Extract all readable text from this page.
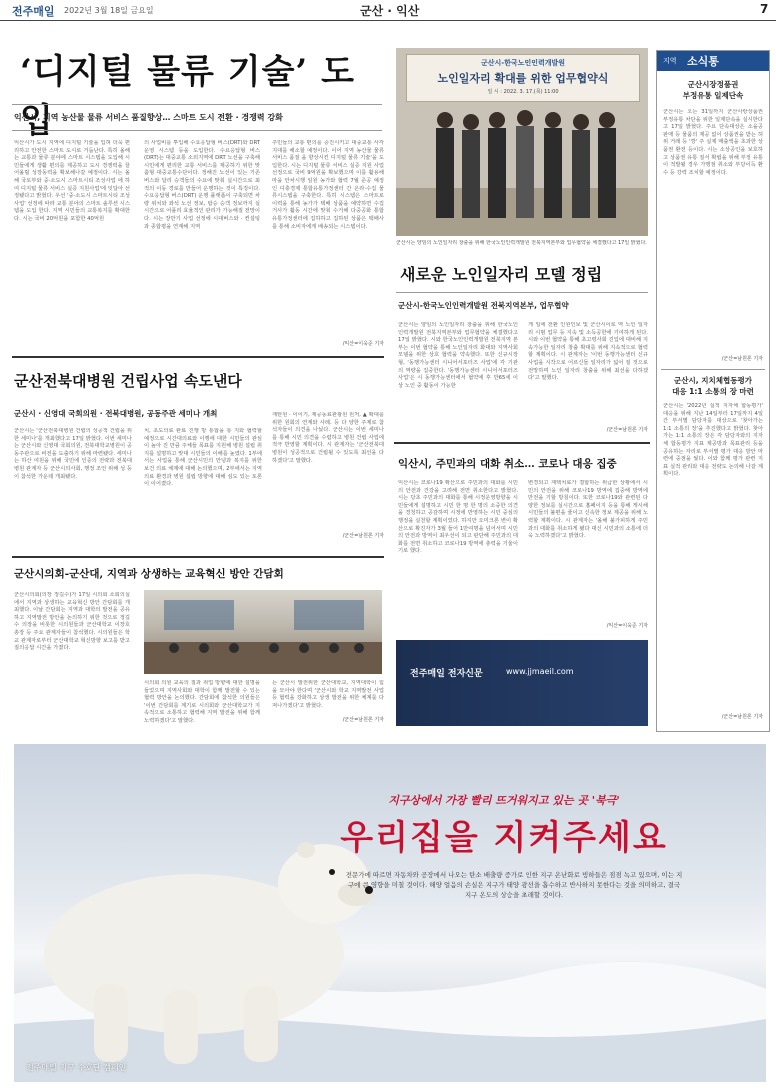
전주매일 2022년 3월 18일 금요일	군산 · 익산	7
‘디지털 물류 기술’ 도입
익산시, 지역 농산물 물류 서비스 품질향상… 스마트 도시 전환 · 경쟁력 강화
익산시가 도시 지역에 디지털 기술을 입혀 더욱 편리하고 안전한 스마트 도시로 거듭난다. 특히 올해는 교통과 물류 분야에 스마트 시스템을 도입해 시민들에게 생활 편의를 제공하고 도시 경쟁력을 끌어올릴 성장동력을 확보해나갈 예정이다. 시는 올해 국토부와 중·소도시 스마트시티 조성사업 에 하여 디지털 물류 서비스 실증 지원사업'에 잇달아 선정됐다고 밝혔다. 우선 '중·소도시 스마트시티 조성사업' 선정에 따라 교통 분야의 스마트 솔루션 시스템을 도입 한다. 지역 시민들의 교통복지를 확대한다. 시는 국비 20억원을 포함한 40억원
의 사업비를 투입해 수요응답형 버스(DRT)와 DRT 운영 시스템 등을 도입한다. 수요응답형 버스(DRT)는 대중교통 소외지역에 DRT 노선을 구축해 시민에게 편리한 교통 서비스를 제공하기 위한 맞춤형 대중교통수단이다. 정해진 노선이 있는 기존 버스와 달리 승객들의 수요에 맞춰 실시간으로 최적의 이동 경로를 만들어 운행하는 것이 특징이다. 수요응답형 버스(DRT) 운행 플랫폼이 구축되면 차량 위치와 좌석 노선 정보, 탑승 승객 정보까지 실시간으로 어플리 효율적인 관리가 가능해질 전망이다. 시는 장만기 사업 선정에 시대버스와 · 컨설팅과 종합평을 연계해 지역
주민들의 교통 편의를 증진시키고 대중교통 사각지대를 해소할 예정이다. 이어 지역 농산물 물류 서비스 품질 을 향상시킨 디지털 물류 기술'을 도입한다. 시는 디지털 물류 서비스 실증 지원 사업 선정으로 국비 9억원을 확보했으며 이를 활용해 마을 안차시행 임원 농가와 협력 7월 준공 예정인 디충경제 통합유통가정센터 간 온라·수집 물류시스템을 구축한다. 특히 시스템은 스마트로 이력을 통해 농가가 택배 상품을 예약하면 수집 거사가 활동 시간에 맞춰 수거해 다중공화 통합유통가정센터에 집하하고 집하된 상품은 택배사를 통해 소비자에게 배송되는 시스템이다.
/익산=이욱준 기자
군산전북대병원 건립사업 속도낸다
군산시 · 신영대 국회의원 · 전북대병원, 공동주관 세미나 개최
군산시는 '군산전북대병원 건립의 성공적 건립을 위한 세미나'를 개최했다고 17일 밝혔다. 이번 세미나는 군산시와 신영대 국회의원, 전북대학교병원이 공동주관으로 비전을 도출하기 위해 마련됐다. 세미나는 하산 여원을 위해 국민에 인증의 전략과 전북대병원 관계자 등 군산시의사회, 행정 조언 위해 성 등이 참석한 가운데 개최됐다.
치, 초도의료 완료 진행 방 통합을 통 지와 협력할 예정으로 시간대의료와 이행에 대한 시민들의 관심이 높아 진 만큼 주체들 목표를 지원해 병원 설립 취지를 설명하고 맞대 시민들의 이해를 높였다. 1부에서는 사업을 통해 군산시민의 안녕과 복지를 위한 보건 의료 체계에 대해 논의했으며, 2부에서는 지역 의료 환경과 병원 설립 방향에 대해 심도 있는 토론이 이어졌다.
재탄원 · 이이기, 제공동료관광원 원처, ▲ 확대를 위한 원회의 연계와 사례. 등 다 양한 주제로 참석자들이 의견을 나눴다. 군산시는 이번 세미나를 통해 시민 의견을 수렴하고 병원 건립 사업에 적극 반영할 계획이다. 시 관계자는 '군산전북대병원이 성공적으로 건립될 수 있도록 최선을 다하겠다'고 말했다.
/군산=남원론 기자
군산시의회-군산대, 지역과 상생하는 교육혁신 방안 간담회
군산시의회(의장 정길수)가 17일 시의회 소회의실에서 지역과 상생하는 교육혁신 방안 간담회를 개최했다. 이날 간담회는 지역과 대학의 발전을 공유하고 지역발전 방안을 논의하기 위한 것으로 정길수 의장을 비롯한 시의원들과 군산대학교 이장호 총장 등 주요 관계자들이 참석했다. 시의원들은 학교 관계자로부터 군산대학교 혁신방향 보고를 받고 질의응답 시간을 가졌다.
시의회 의원 교육의 질과 취업 방향에 대한 설명을 들었으며 지역사회와 대학이 함께 발전할 수 있는 협력 방안을 논의했다. 간담회에 참석한 의원들은 '이번 간담회를 계기로 시의회와 군산대학교가 지속적으로 소통하고 협력해 지역 발전을 위해 함께 노력하겠다'고 말했다.
는 군산시 발전위한 군산대학교, 지역대학이 힘을 모아야 한다며 '군산시와 학교 지역발전 사업 등 협력을 강화하고 상생 발전을 위한 체계를 다져나가겠다'고 밝혔다.
/군산=남원론 기자
군산시-한국노인인력개발원
노인일자리 확대를 위한 업무협약식
일 시 : 2022. 3. 17.(목) 11:00
군산시는 양임의 노인일자리 창출을 위해 한국노인인력개발원 전북지역본부와 업무협약을 체결했다고 17일 밝혔다.
새로운 노인일자리 모델 정립
군산시-한국노인인력개발원 전북지역본부, 업무협약
군산시는 양임의 노인일자리 창출을 위해 한국노인인력개발원 전북지역본부와 업무협약을 체결했다고 17일 밝혔다. 시와 한국노인인력개발원 전북지역 본부는 이번 협약을 통해 노인일자리 화대와 지역사회 모델을 위한 상호 협력을 약속했다. 또한 신규시장형, '동행가능센터 시니어서포터즈 사업'에 각 기관의 역량을 집중한다. '동행가능센터 시니어서포터즈 사업'은 시 동행가능센터에서 협약에 후 만65세 이상 노인 중 활동이 가능한
게 일에 전환 인원인보 및 군산시이로 역 노인 일자리 시범 업무 등 지속 및 소득공한에 기여하게 된다. 시와 이번 협약을 통해 초고령사회 진입에 대비해 지속가능한 일자리 창출 확대를 위해 지속적으로 협력할 계획이다. 시 관계자는 '이번 동행가능센터 신규사업을 시작으로 어르신들 일자리가 넓어 질 것으로 전망하며 노인 일자리 창출을 위해 최선을 다하겠다'고 말했다.
/군산=남원론 기자
익산시, 주민과의 대화 취소… 코로나 대응 집중
익산시는 코로나19 확산으로 주민과의 대화를 시민의 안전과 건강을 고려해 전면 취소한다고 밝혔다. 시는 당초 주민과의 대화를 통해 시정운영방향을 시민들에게 설명하고 시민 한 명 한 명의 소중한 의견을 경청하고 공감하며 시정에 반영하는 시민 중심의 행정을 실천할 계획이었다. 하지만 오미크론 변이 확산으로 확진자가 3월 들어 1만여명을 넘어서며 시민의 안전과 방역이 최우선이 되고 판단해 주민과의 대화를 전면 취소하고 코로나19 방역에 총력을 기울이기로 했다.
변경되고 재택치료가 결합하는 위급한 상황에서 시민의 안전을 위해 코로나19 방역에 집중해 방역에 만전을 기할 방침이다. 또한 코로나19와 관련된 다양한 정보를 실시간으로 홈페이지 등을 통해 게시해 시민들의 불편을 줄이고 신속한 정보 제공을 위해 노력할 계획이다. 시 관계자는 '올해 불가피하게 주민과의 대화를 취소하게 됐다 대신 시민과의 소통에 더욱 노력하겠다'고 밝혔다.
/익산=이욱준 기자
전주매일 전자신문	www.jjmaeil.com
지역 소식통
군산시장정품권
부정유통 일제단속
군산시는 오는 31일까지 군산사랑상품권 부정유통 차단을 위한 일제단속을 실시한다고 17일 밝혔다. 주요 단속대상은 소을공 판매 등 물품의 제공 없이 상품권을 받는 허위 거래 등 '깡' 주 실제 매출액을 초과한 상품권 환전 등이다. 시는 소상공인을 보호하고 상품권 유통 질서 확립을 위해 부정 유통이 적발될 경우 가맹점 취소와 부당이득 환수 등 강력 조치할 예정이다.
/군산=남원론 기자
군산시, 지치체협동평가
대응 1:1 소통의 장 마련
군산시는 '2022년 실적 지자체 합동평가' 대응을 위해 지난 14일부터 17일까지 4일간 부서별 담당자를 대상으로 '찾아가는 1:1 소통의 장'을 추진했다고 밝혔다. 찾아가는 1:1 소통의 장은 각 담당자와의 지자체 합동평가 지표 제공방과 목표관리 등을 공유하는 자리로 부서별 평가 대응 방안 마련에 중점을 뒀다. 이와 함께 평가 관련 지표 실적 관리와 대응 전략도 논의해 나갈 계획이다.
/군산=남원론 기자
지구상에서 가장 빨리 뜨거워지고 있는 곳 '북극'
우리집을 지켜주세요
전문가에 따르면 자동차와 공장에서 나오는 탄소 배출량 증가로 인한 지구 온난화로 빙하들은 점점 녹고 있으며, 이는 지구에 큰 영향을 미칠 것이다. 해양 얼음의 손실은 지구가 태양 광선을 흡수하고 반사하지 못한다는 것을 의미하고, 결국 지구 온도의 상승을 초래할 것이다.
전주매일 지구 수호단 캠페인
